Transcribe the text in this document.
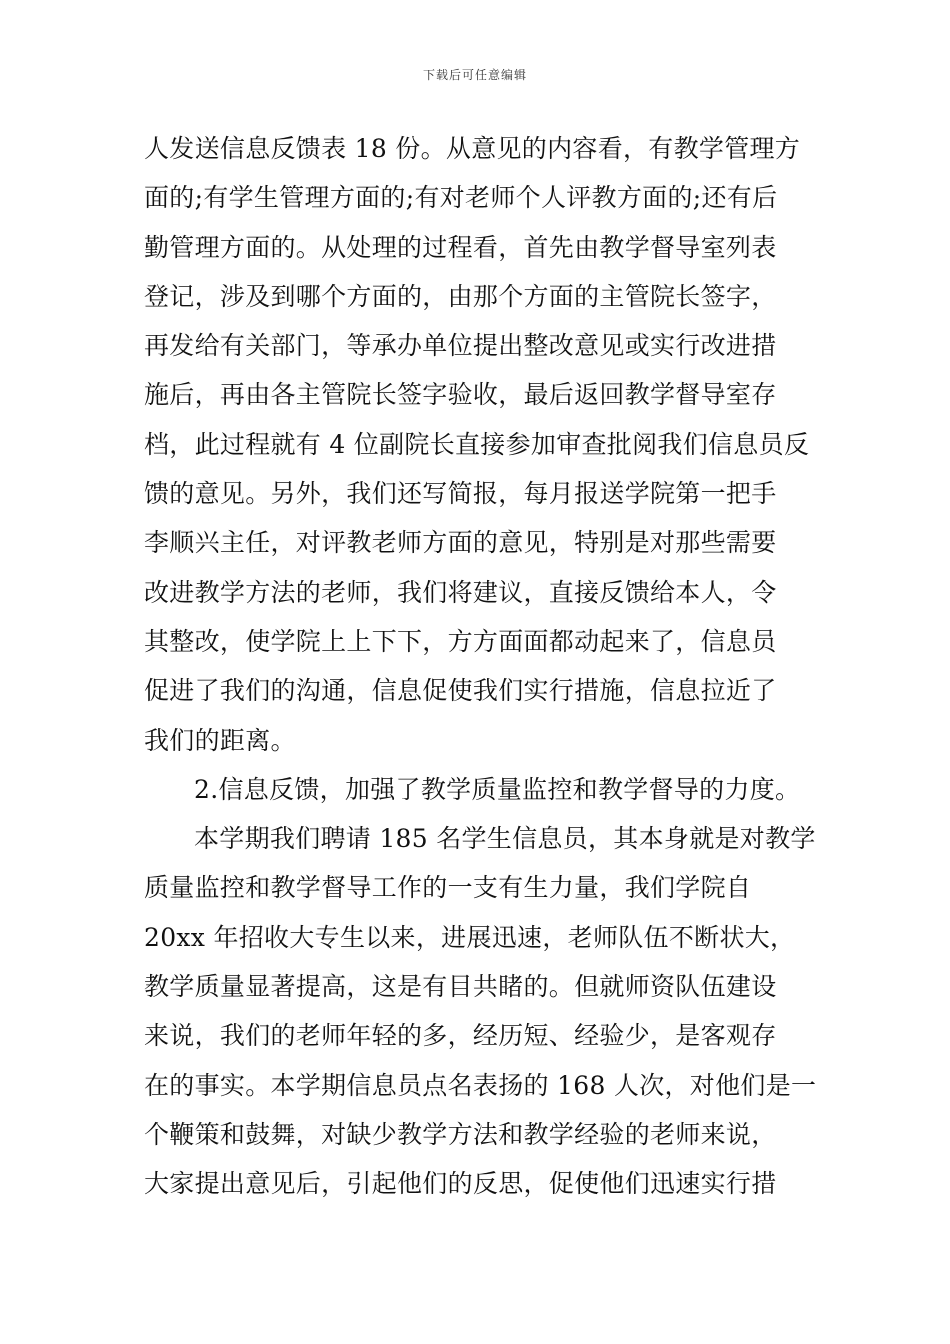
下载后可任意编辑
人发送信息反馈表 18 份。从意见的内容看，有教学管理方
面的;有学生管理方面的;有对老师个人评教方面的;还有后
勤管理方面的。从处理的过程看，首先由教学督导室列表
登记，涉及到哪个方面的，由那个方面的主管院长签字，
再发给有关部门，等承办单位提出整改意见或实行改进措
施后，再由各主管院长签字验收，最后返回教学督导室存
档，此过程就有 4 位副院长直接参加审查批阅我们信息员反
馈的意见。另外，我们还写简报，每月报送学院第一把手
李顺兴主任，对评教老师方面的意见，特别是对那些需要
改进教学方法的老师，我们将建议，直接反馈给本人，令
其整改，使学院上上下下，方方面面都动起来了，信息员
促进了我们的沟通，信息促使我们实行措施，信息拉近了
我们的距离。
2.信息反馈，加强了教学质量监控和教学督导的力度。
本学期我们聘请 185 名学生信息员，其本身就是对教学
质量监控和教学督导工作的一支有生力量，我们学院自
20xx 年招收大专生以来，进展迅速，老师队伍不断状大，
教学质量显著提高，这是有目共睹的。但就师资队伍建设
来说，我们的老师年轻的多，经历短、经验少，是客观存
在的事实。本学期信息员点名表扬的 168 人次，对他们是一
个鞭策和鼓舞，对缺少教学方法和教学经验的老师来说，
大家提出意见后，引起他们的反思，促使他们迅速实行措
